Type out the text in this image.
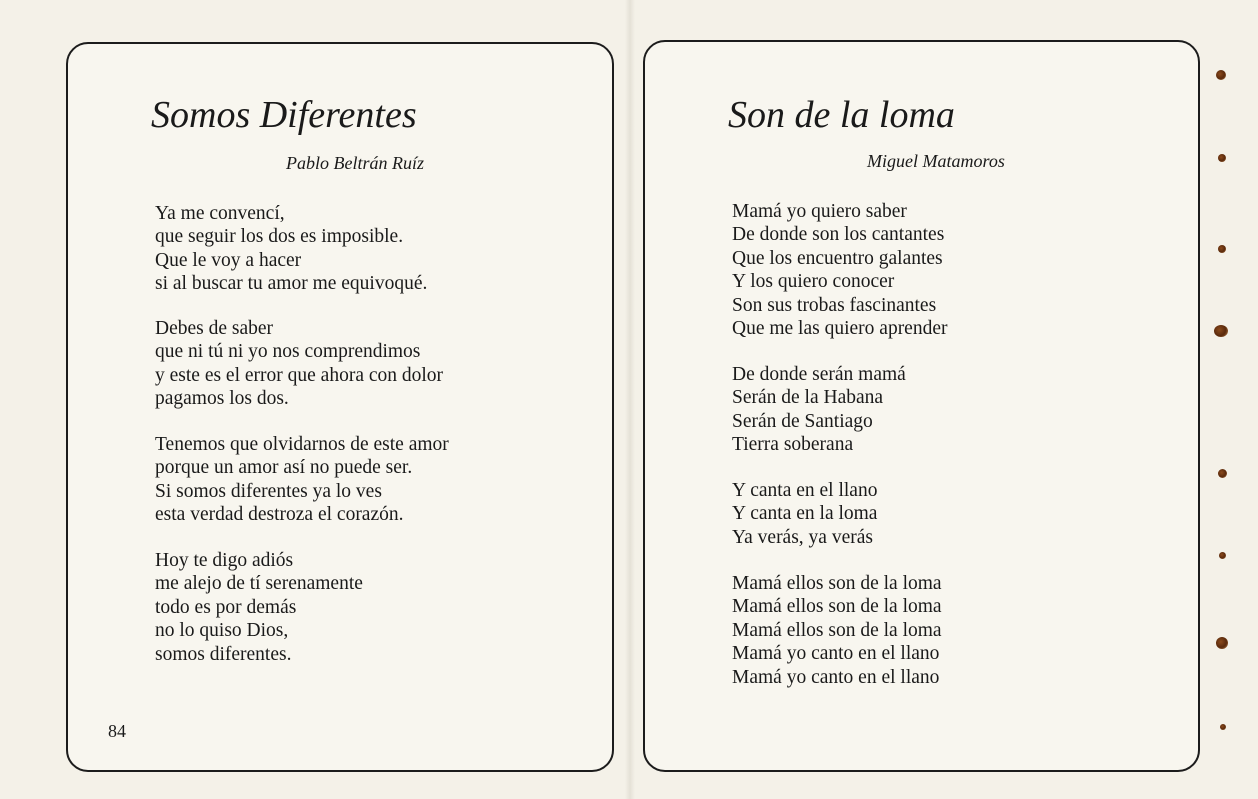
Somos Diferentes
Pablo Beltrán Ruíz
Ya me convencí,
que seguir los dos es imposible.
Que le voy a hacer
si al buscar tu amor me equivoqué.
Debes de saber
que ni tú ni yo nos comprendimos
y este es el error que ahora con dolor
pagamos los dos.
Tenemos que olvidarnos de este amor
porque un amor así no puede ser.
Si somos diferentes ya lo ves
esta verdad destroza el corazón.
Hoy te digo adiós
me alejo de tí serenamente
todo es por demás
no lo quiso Dios,
somos diferentes.
84
Son de la loma
Miguel Matamoros
Mamá yo quiero saber
De donde son los cantantes
Que los encuentro galantes
Y los quiero conocer
Son sus trobas fascinantes
Que me las quiero aprender
De donde serán mamá
Serán de la Habana
Serán de Santiago
Tierra soberana
Y canta en el llano
Y canta en la loma
Ya verás, ya verás
Mamá ellos son de la loma
Mamá ellos son de la loma
Mamá ellos son de la loma
Mamá yo canto en el llano
Mamá yo canto en el llano
